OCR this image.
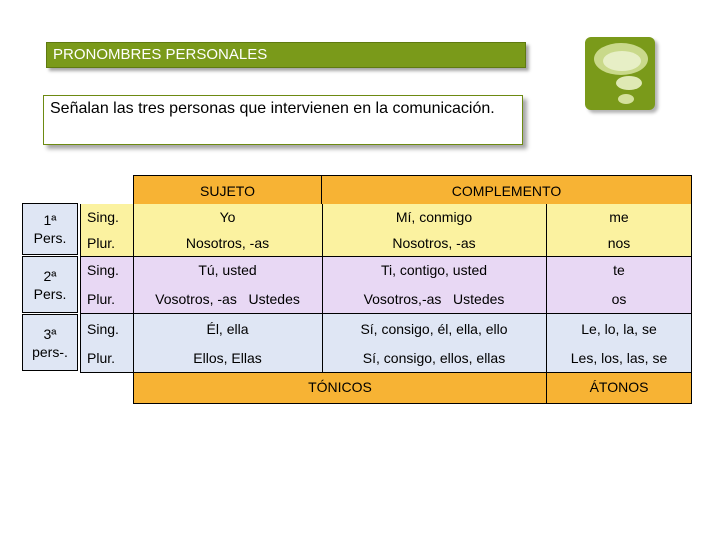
PRONOMBRES PERSONALES

Señalan las tres personas que intervienen en la comunicación.

SUJETO	COMPLEMENTO
1ª Pers.
2ª Pers.
3ª pers-.
Sing.
Plur.
Sing.
Plur.
Sing.
Plur.
Yo
Nosotros, -as
Tú, usted
Vosotros, -as   Ustedes
Él, ella
Ellos, Ellas
Mí, conmigo
Nosotros, -as
Ti, contigo, usted
Vosotros,-as   Ustedes
Sí, consigo, él, ella, ello
Sí, consigo, ellos, ellas
me
nos
te
os
Le, lo, la, se
Les, los, las, se
TÓNICOS	ÁTONOS
